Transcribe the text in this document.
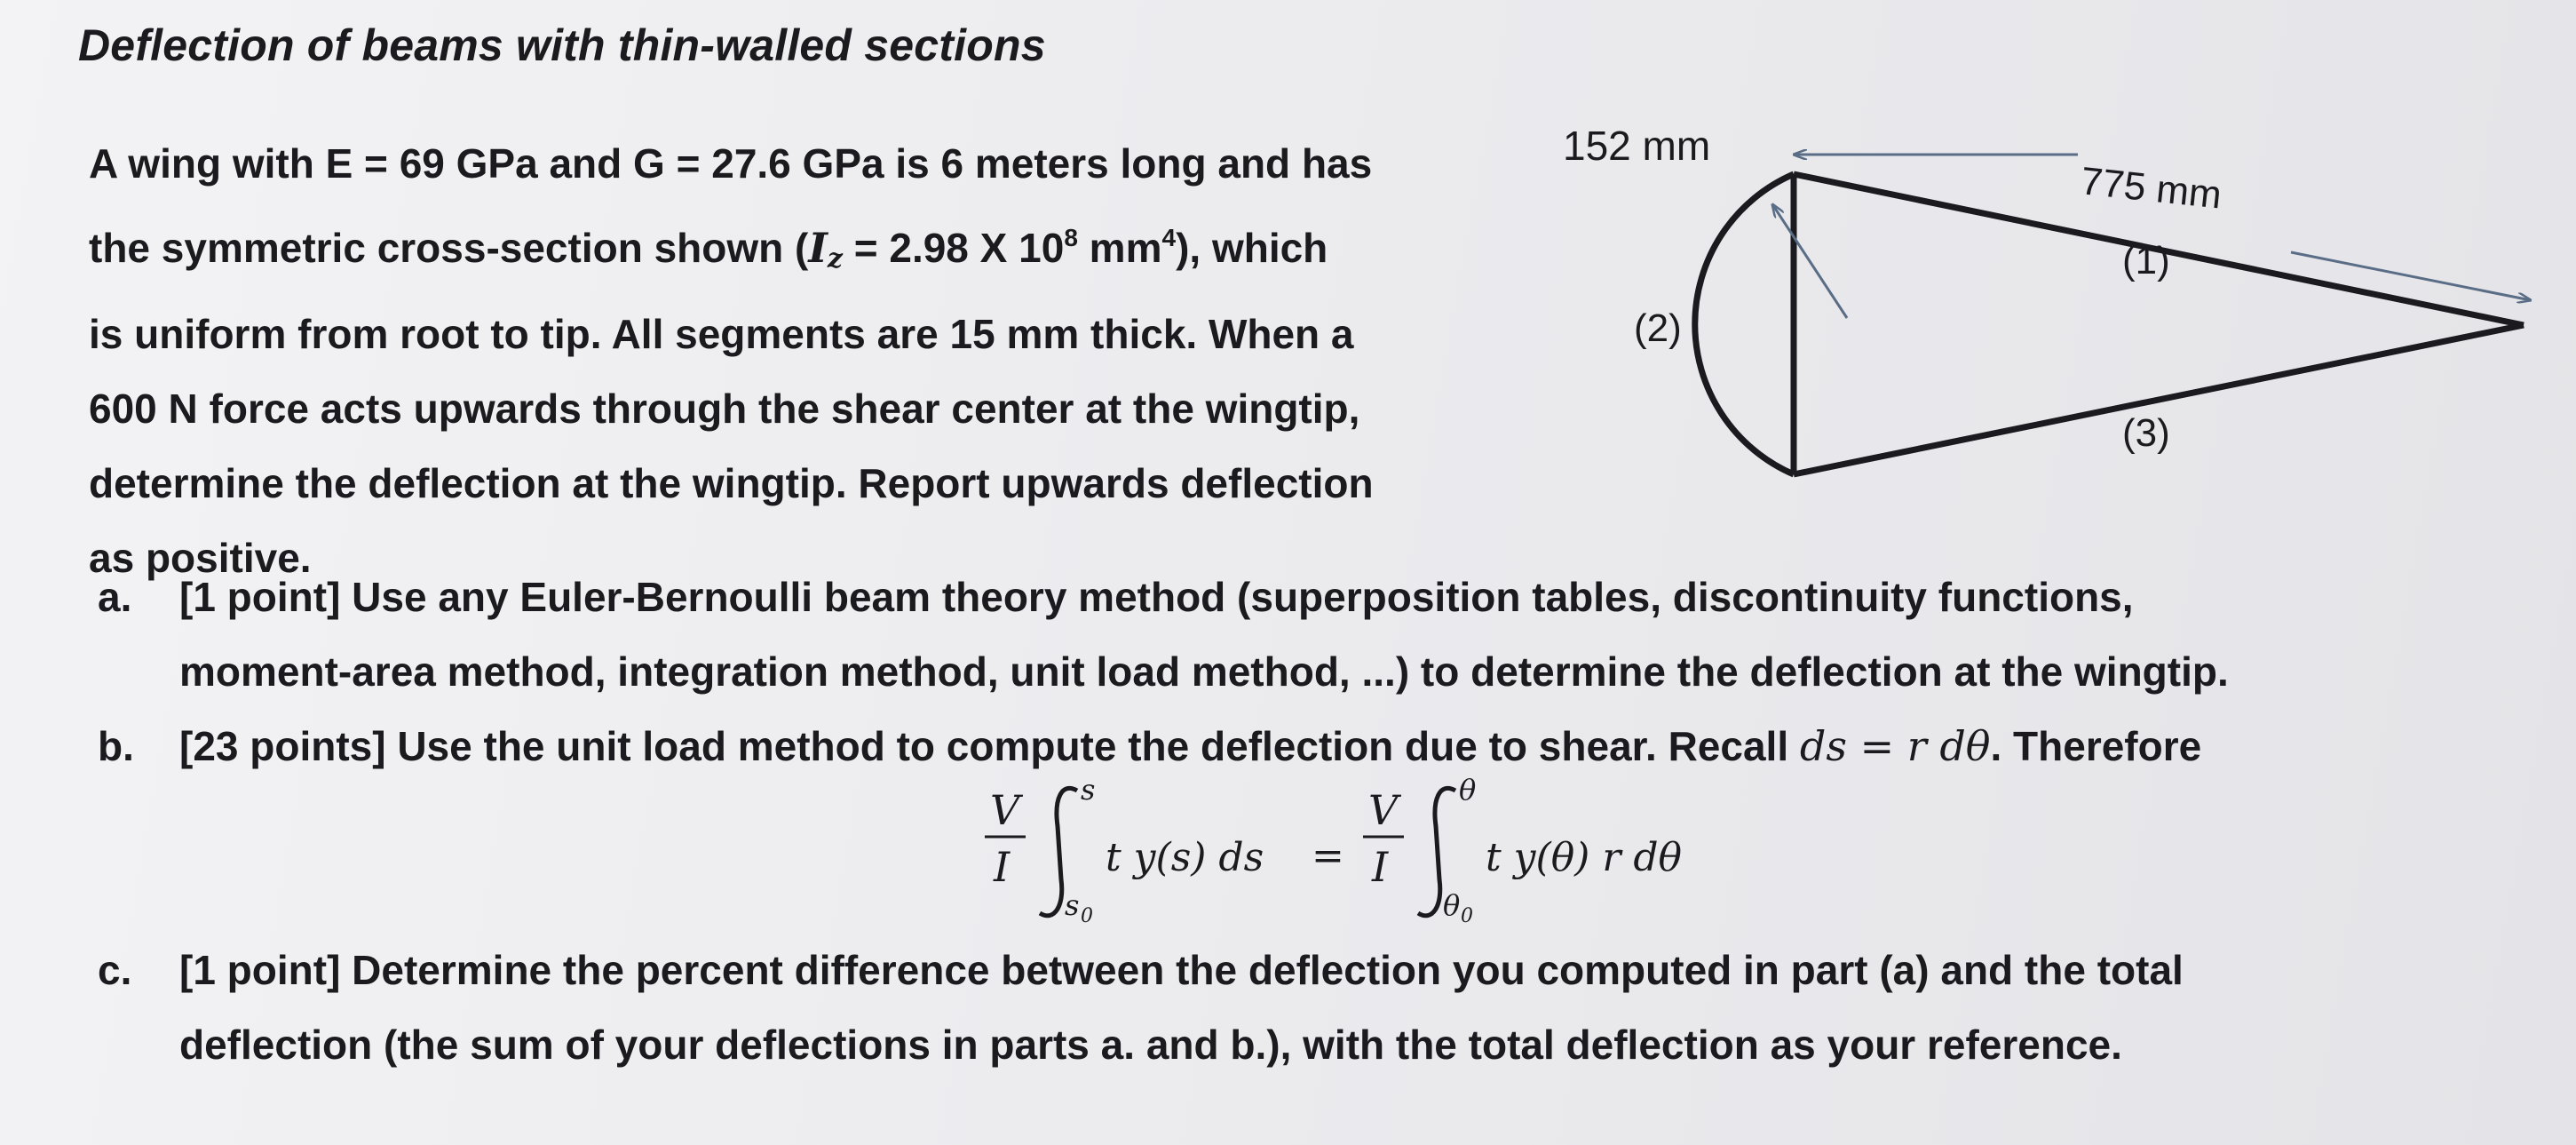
Deflection of beams with thin-walled sections
A wing with E = 69 GPa and G = 27.6 GPa is 6 meters long and has
the symmetric cross-section shown ($I_z = 2.98$ X $10^8$ $mm^4$), which
is uniform from root to tip. All segments are 15 mm thick. When a
600 N force acts upwards through the shear center at the wingtip,
determine the deflection at the wingtip. Report upwards deflection
as positive.
a. [1 point] Use any Euler-Bernoulli beam theory method (superposition tables, discontinuity functions,
moment-area method, integration method, unit load method, ...) to determine the deflection at the wingtip.
b. [23 points] Use the unit load method to compute the deflection due to shear. Recall ds = r dθ. Therefore
c. [1 point] Determine the percent difference between the deflection you computed in part (a) and the total
deflection (the sum of your deflections in parts a. and b.), with the total deflection as your reference.
V
I
s
s 0
t y(s) ds =
V
I
θ
θ 0
t y(θ) r dθ
152 mm
775 mm
(1)
(2)
(3)
